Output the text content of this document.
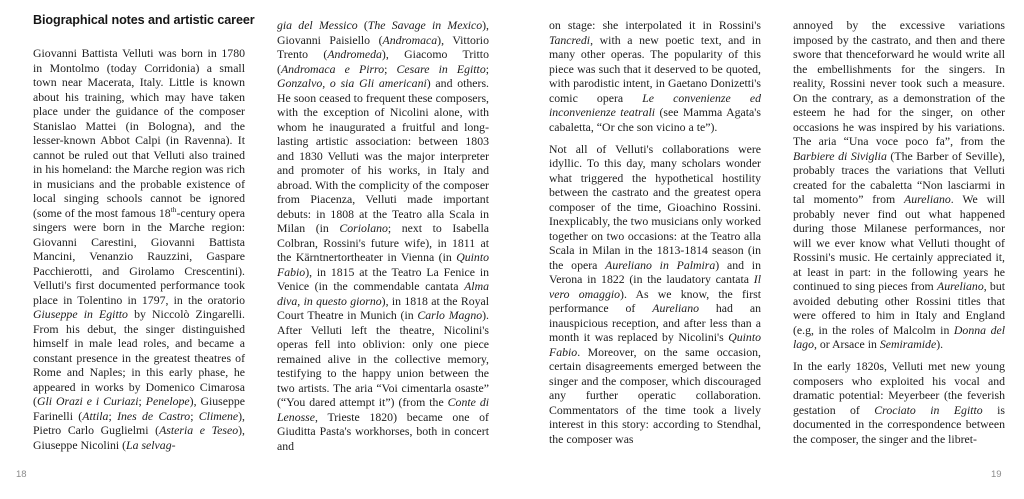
Biographical notes and artistic career

Giovanni Battista Velluti was born in 1780 in Montolmo (today Corridonia) a small town near Macerata, Italy. Little is known about his training, which may have taken place under the guidance of the composer Stanislao Mattei (in Bologna), and the lesser-known Abbot Calpi (in Ravenna). It cannot be ruled out that Velluti also trained in his homeland: the Marche region was rich in musicians and the probable existence of local singing schools cannot be ignored (some of the most famous 18th-century opera singers were born in the Marche region: Giovanni Carestini, Giovanni Battista Mancini, Venanzio Rauzzini, Gaspare Pacchierotti, and Girolamo Crescentini). Velluti's first documented performance took place in Tolentino in 1797, in the oratorio Giuseppe in Egitto by Niccolò Zingarelli. From his debut, the singer distinguished himself in male lead roles, and became a constant presence in the greatest theatres of Rome and Naples; in this early phase, he appeared in works by Domenico Cimarosa (Gli Orazi e i Curiazi; Penelope), Giuseppe Farinelli (Attila; Ines de Castro; Climene), Pietro Carlo Guglielmi (Asteria e Teseo), Giuseppe Nicolini (La selvag-

gia del Messico (The Savage in Mexico), Giovanni Paisiello (Andromaca), Vittorio Trento (Andromeda), Giacomo Tritto (Andromaca e Pirro; Cesare in Egitto; Gonzalvo, o sia Gli americani) and others. He soon ceased to frequent these composers, with the exception of Nicolini alone, with whom he inaugurated a fruitful and long-lasting artistic association: between 1803 and 1830 Velluti was the major interpreter and promoter of his works, in Italy and abroad. With the complicity of the composer from Piacenza, Velluti made important debuts: in 1808 at the Teatro alla Scala in Milan (in Coriolano; next to Isabella Colbran, Rossini's future wife), in 1811 at the Kärntnertortheater in Vienna (in Quinto Fabio), in 1815 at the Teatro La Fenice in Venice (in the commendable cantata Alma diva, in questo giorno), in 1818 at the Royal Court Theatre in Munich (in Carlo Magno). After Velluti left the theatre, Nicolini's operas fell into oblivion: only one piece remained alive in the collective memory, testifying to the happy union between the two artists. The aria “Voi cimentarla osaste” (“You dared attempt it”) (from the Conte di Lenosse, Trieste 1820) became one of Giuditta Pasta's workhorses, both in concert and

18

on stage: she interpolated it in Rossini's Tancredi, with a new poetic text, and in many other operas. The popularity of this piece was such that it deserved to be quoted, with parodistic intent, in Gaetano Donizetti's comic opera Le convenienze ed inconvenienze teatrali (see Mamma Agata's cabaletta, “Or che son vicino a te”).

Not all of Velluti's collaborations were idyllic. To this day, many scholars wonder what triggered the hypothetical hostility between the castrato and the greatest opera composer of the time, Gioachino Rossini. Inexplicably, the two musicians only worked together on two occasions: at the Teatro alla Scala in Milan in the 1813-1814 season (in the opera Aureliano in Palmira) and in Verona in 1822 (in the laudatory cantata Il vero omaggio). As we know, the first performance of Aureliano had an inauspicious reception, and after less than a month it was replaced by Nicolini's Quinto Fabio. Moreover, on the same occasion, certain disagreements emerged between the singer and the composer, which discouraged any further operatic collaboration. Commentators of the time took a lively interest in this story: according to Stendhal, the composer was

annoyed by the excessive variations imposed by the castrato, and then and there swore that thenceforward he would write all the embellishments for the singers. In reality, Rossini never took such a measure. On the contrary, as a demonstration of the esteem he had for the singer, on other occasions he was inspired by his variations. The aria “Una voce poco fa”, from the Barbiere di Siviglia (The Barber of Seville), probably traces the variations that Velluti created for the cabaletta “Non lasciarmi in tal momento” from Aureliano. We will probably never find out what happened during those Milanese performances, nor will we ever know what Velluti thought of Rossini's music. He certainly appreciated it, at least in part: in the following years he continued to sing pieces from Aureliano, but avoided debuting other Rossini titles that were offered to him in Italy and England (e.g, in the roles of Malcolm in Donna del lago, or Arsace in Semiramide).

In the early 1820s, Velluti met new young composers who exploited his vocal and dramatic potential: Meyerbeer (the feverish gestation of Crociato in Egitto is documented in the correspondence between the composer, the singer and the libret-

19
